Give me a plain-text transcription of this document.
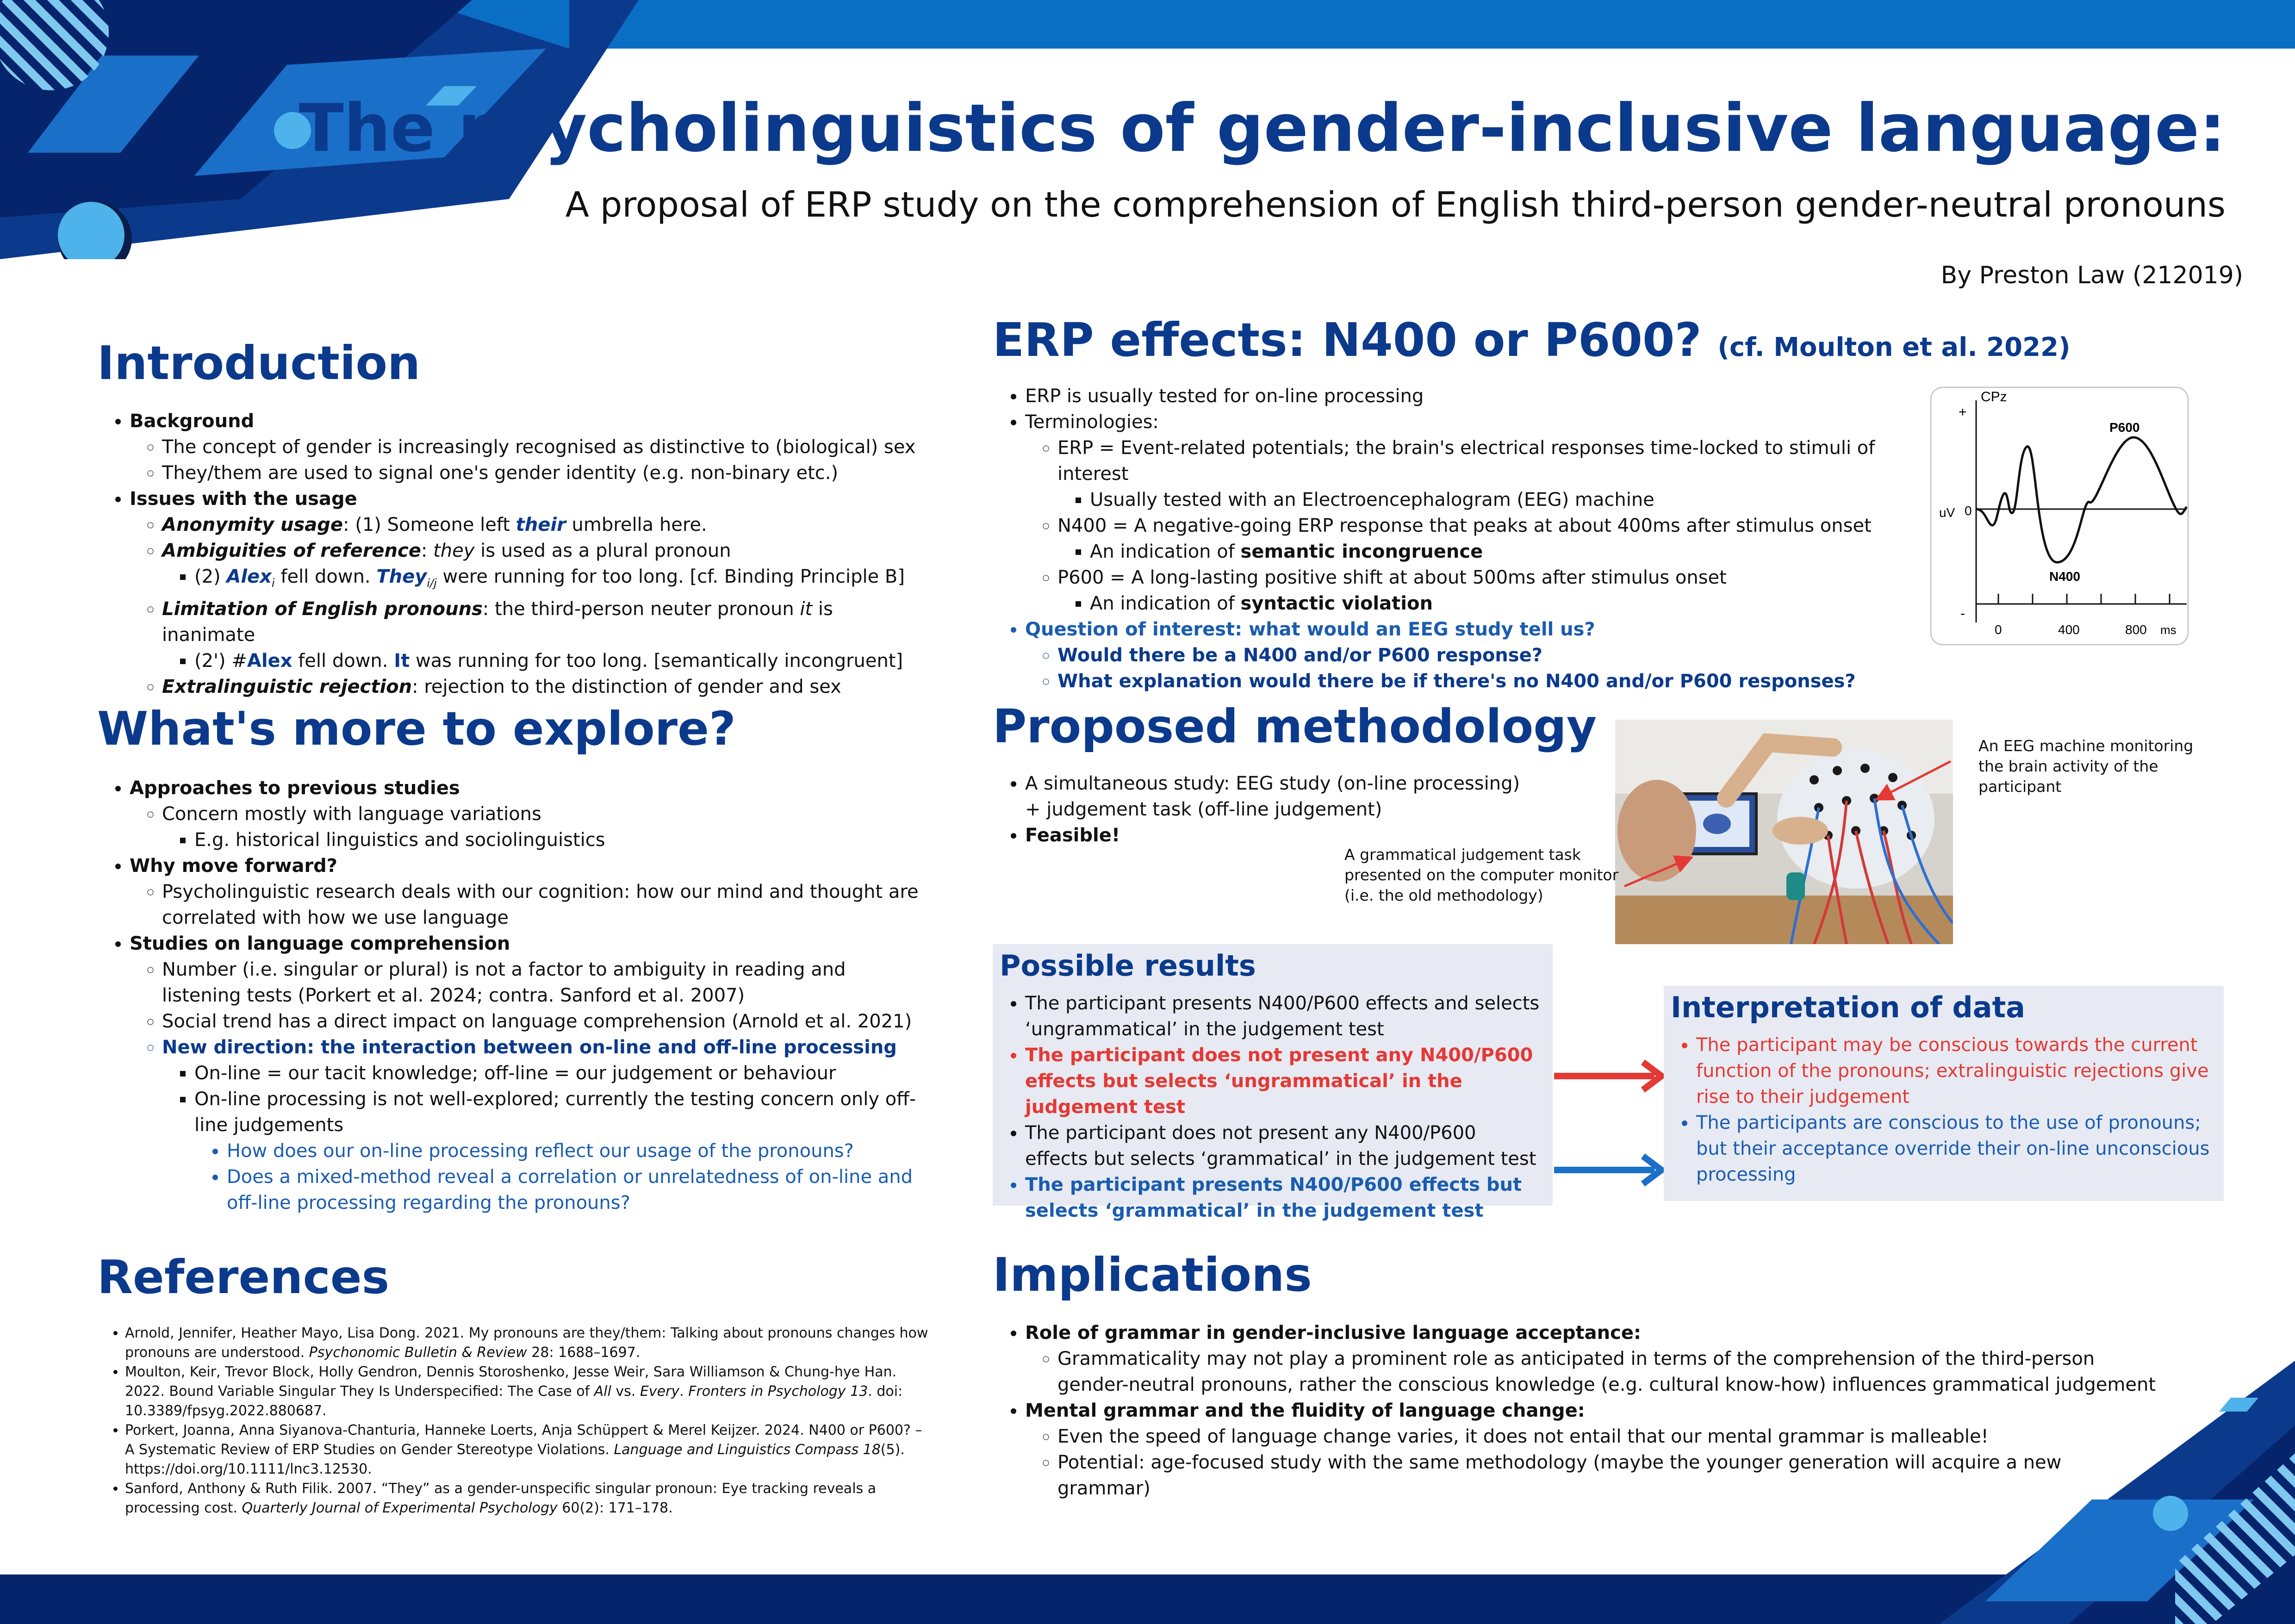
The psycholinguistics of gender-inclusive language:
A proposal of ERP study on the comprehension of English third-person gender-neutral pronouns
By Preston Law (212019)
Introduction
• Background
◦ The concept of gender is increasingly recognised as distinctive to (biological) sex
◦ They/them are used to signal one's gender identity (e.g. non-binary etc.)
• Issues with the usage
◦ Anonymity usage: (1) Someone left their umbrella here.
◦ Ambiguities of reference: they is used as a plural pronoun
▪ (2) Alex$_i$ fell down. They$_{i/j}$ were running for too long. [cf. Binding Principle B]
◦ Limitation of English pronouns: the third-person neuter pronoun it is inanimate
▪ (2') #Alex fell down. It was running for too long. [semantically incongruent]
◦ Extralinguistic rejection: rejection to the distinction of gender and sex
What's more to explore?
• Approaches to previous studies
◦ Concern mostly with language variations
▪ E.g. historical linguistics and sociolinguistics
• Why move forward?
◦ Psycholinguistic research deals with our cognition: how our mind and thought are correlated with how we use language
• Studies on language comprehension
◦ Number (i.e. singular or plural) is not a factor to ambiguity in reading and listening tests (Porkert et al. 2024; contra. Sanford et al. 2007)
◦ Social trend has a direct impact on language comprehension (Arnold et al. 2021)
◦ New direction: the interaction between on-line and off-line processing
▪ On-line = our tacit knowledge; off-line = our judgement or behaviour
▪ On-line processing is not well-explored; currently the testing concern only off-line judgements
• How does our on-line processing reflect our usage of the pronouns?
• Does a mixed-method reveal a correlation or unrelatedness of on-line and off-line processing regarding the pronouns?
References
• Arnold, Jennifer, Heather Mayo, Lisa Dong. 2021. My pronouns are they/them: Talking about pronouns changes how pronouns are understood. Psychonomic Bulletin & Review 28: 1688–1697.
• Moulton, Keir, Trevor Block, Holly Gendron, Dennis Storoshenko, Jesse Weir, Sara Williamson & Chung-hye Han. 2022. Bound Variable Singular They Is Underspecified: The Case of All vs. Every. Fronters in Psychology 13. doi: 10.3389/fpsyg.2022.880687.
• Porkert, Joanna, Anna Siyanova-Chanturia, Hanneke Loerts, Anja Schüppert & Merel Keijzer. 2024. N400 or P600? – A Systematic Review of ERP Studies on Gender Stereotype Violations. Language and Linguistics Compass 18(5). https://doi.org/10.1111/lnc3.12530.
• Sanford, Anthony & Ruth Filik. 2007. “They” as a gender-unspecific singular pronoun: Eye tracking reveals a processing cost. Quarterly Journal of Experimental Psychology 60(2): 171–178.
ERP effects: N400 or P600? (cf. Moulton et al. 2022)
• ERP is usually tested for on-line processing
• Terminologies:
◦ ERP = Event-related potentials; the brain's electrical responses time-locked to stimuli of interest
▪ Usually tested with an Electroencephalogram (EEG) machine
◦ N400 = A negative-going ERP response that peaks at about 400ms after stimulus onset
▪ An indication of semantic incongruence
◦ P600 = A long-lasting positive shift at about 500ms after stimulus onset
▪ An indication of syntactic violation
• Question of interest: what would an EEG study tell us?
◦ Would there be a N400 and/or P600 response?
◦ What explanation would there be if there's no N400 and/or P600 responses?
CPz
+
-
uV 0
P600
N400
0	400	800 ms
Proposed methodology
• A simultaneous study: EEG study (on-line processing) + judgement task (off-line judgement)
• Feasible!
A grammatical judgement task presented on the computer monitor (i.e. the old methodology)
An EEG machine monitoring the brain activity of the participant
Possible results
• The participant presents N400/P600 effects and selects ‘ungrammatical’ in the judgement test
• The participant does not present any N400/P600 effects but selects ‘ungrammatical’ in the judgement test
• The participant does not present any N400/P600 effects but selects ‘grammatical’ in the judgement test
• The participant presents N400/P600 effects but selects ‘grammatical’ in the judgement test
Interpretation of data
• The participant may be conscious towards the current function of the pronouns; extralinguistic rejections give rise to their judgement
• The participants are conscious to the use of pronouns; but their acceptance override their on-line unconscious processing
Implications
• Role of grammar in gender-inclusive language acceptance:
◦ Grammaticality may not play a prominent role as anticipated in terms of the comprehension of the third-person gender-neutral pronouns, rather the conscious knowledge (e.g. cultural know-how) influences grammatical judgement
• Mental grammar and the fluidity of language change:
◦ Even the speed of language change varies, it does not entail that our mental grammar is malleable!
◦ Potential: age-focused study with the same methodology (maybe the younger generation will acquire a new grammar)
